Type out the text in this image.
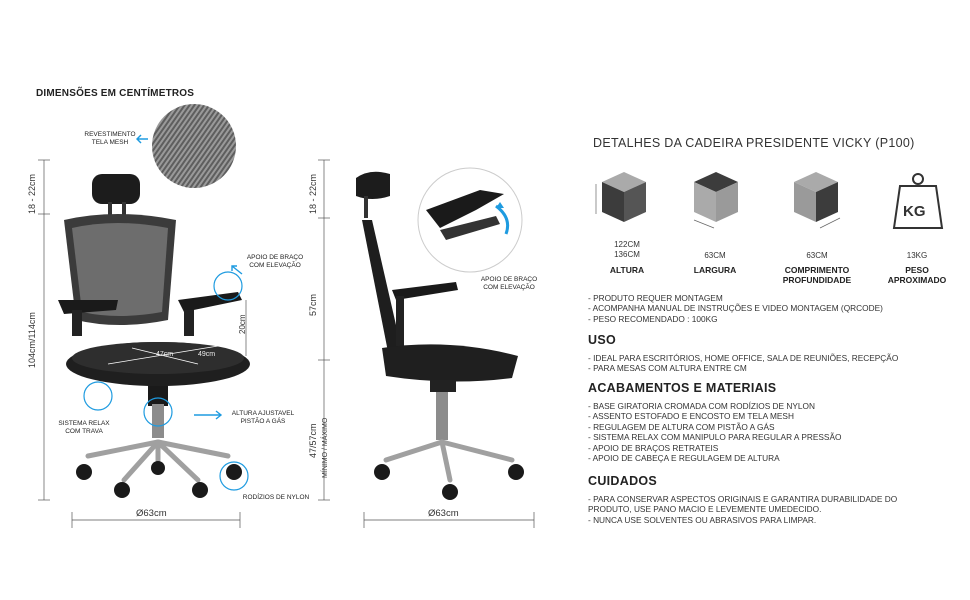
DIMENSÕES EM CENTÍMETROS
REVESTIMENTO
TELA MESH
18 - 22cm
104cm/114cm	20cm
47cm	49cm
Ø63cm
APOIO DE BRAÇO
COM ELEVAÇÃO
SISTEMA RELAX
COM TRAVA
ALTURA AJUSTAVEL
PISTÃO A GÁS
RODÍZIOS DE NYLON
18 - 22cm
57cm
47/57cm MÍNIMO / MÁXIMO
Ø63cm
APOIO DE BRAÇO
COM ELEVAÇÃO
DETALHES DA CADEIRA PRESIDENTE VICKY (P100)
KG
122CM
136CM
ALTURA
63CM
LARGURA
63CM
COMPRIMENTO
PROFUNDIDADE
13KG
PESO
APROXIMADO
- PRODUTO REQUER MONTAGEM
- ACOMPANHA MANUAL DE INSTRUÇÕES E VIDEO MONTAGEM (QRCODE)
- PESO RECOMENDADO : 100KG
USO
- IDEAL PARA ESCRITÓRIOS, HOME OFFICE, SALA DE REUNIÕES, RECEPÇÃO
- PARA MESAS COM ALTURA ENTRE CM
ACABAMENTOS E MATERIAIS
- BASE GIRATORIA CROMADA COM RODÍZIOS DE NYLON
- ASSENTO ESTOFADO E ENCOSTO EM TELA MESH
- REGULAGEM DE ALTURA COM PISTÃO A GÁS
- SISTEMA RELAX COM MANIPULO PARA REGULAR A PRESSÃO
- APOIO DE BRAÇOS RETRATEIS
- APOIO DE CABEÇA E REGULAGEM DE ALTURA
CUIDADOS
- PARA CONSERVAR ASPECTOS ORIGINAIS E GARANTIRA DURABILIDADE DO PRODUTO, USE PANO MACIO E LEVEMENTE UMEDECIDO.
- NUNCA USE SOLVENTES OU ABRASIVOS PARA LIMPAR.
